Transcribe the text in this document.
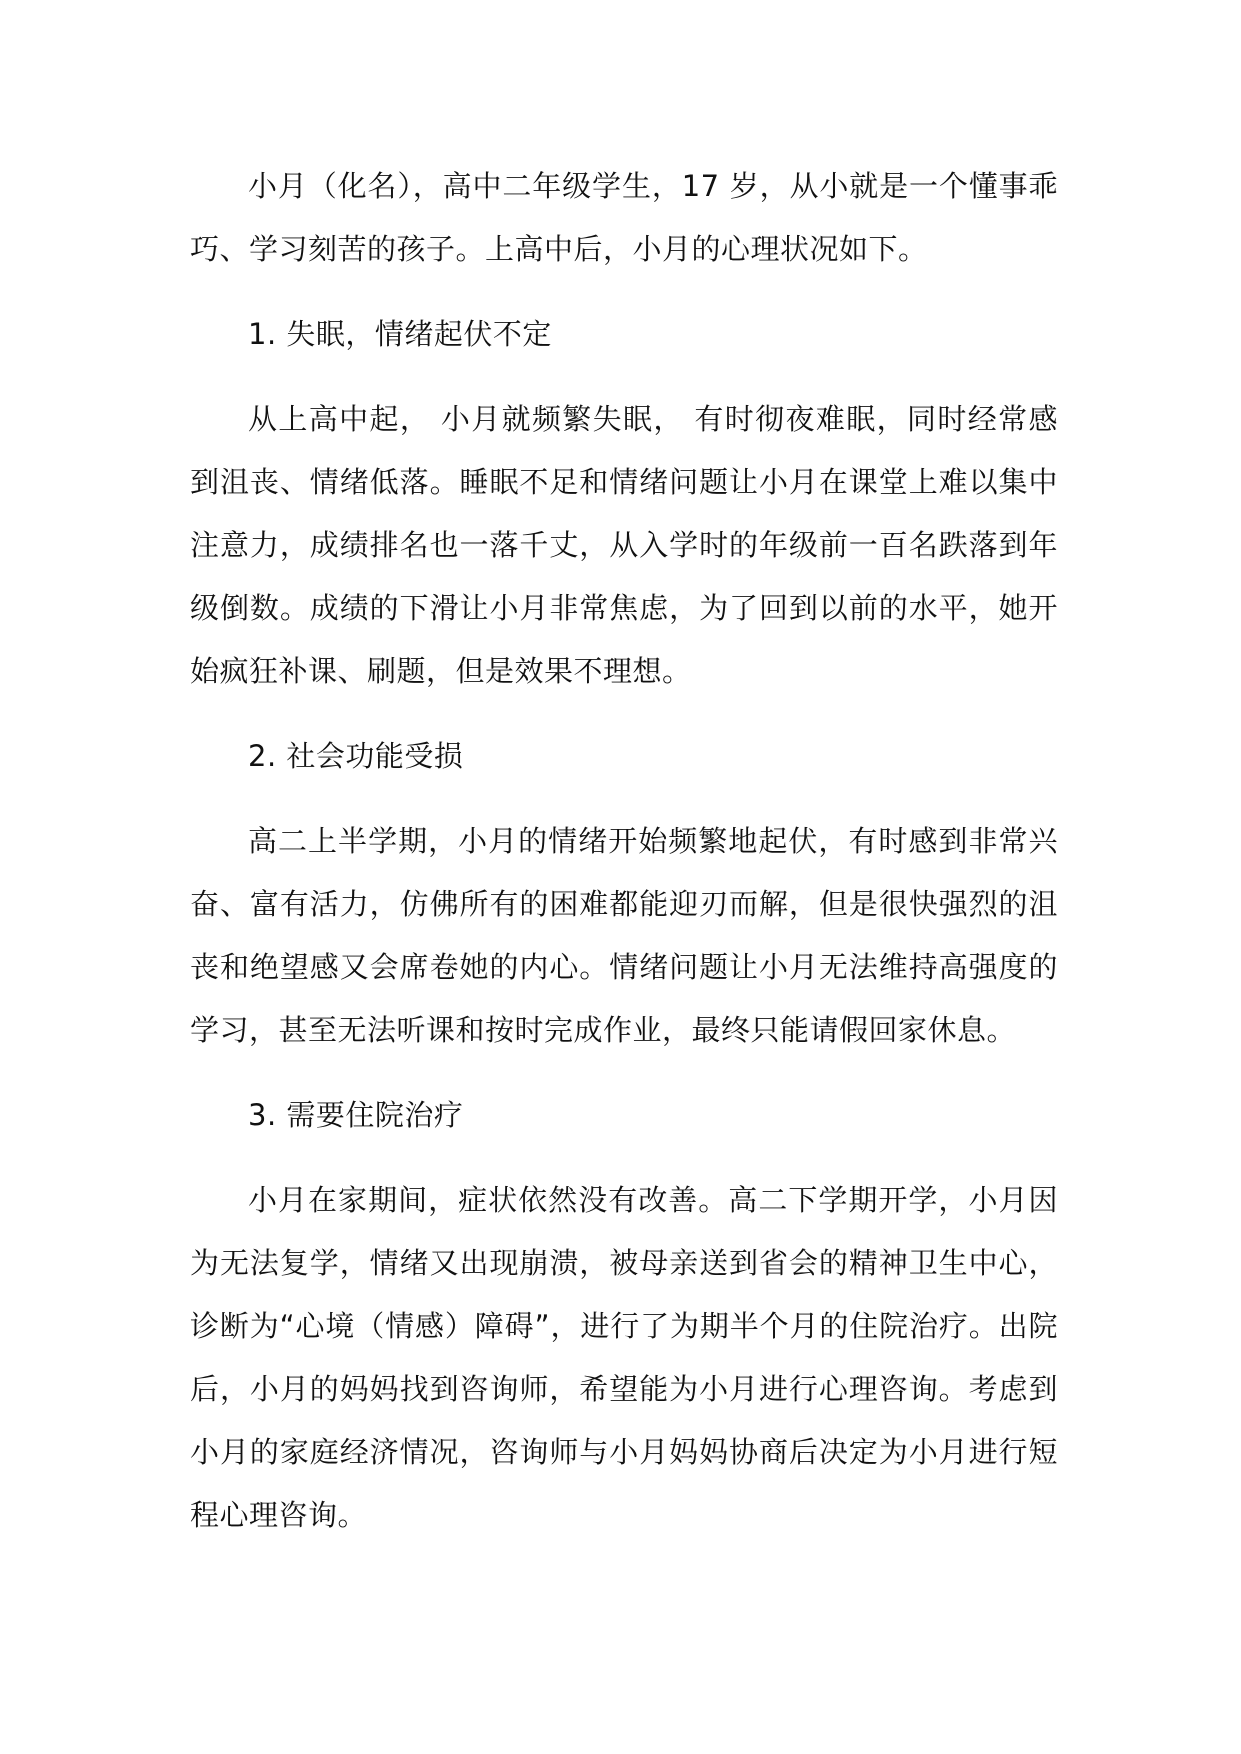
小月（化名），高中二年级学生，17 岁，从小就是一个懂事乖巧、学习刻苦的孩子。上高中后，小月的心理状况如下。

1. 失眠，情绪起伏不定

从上高中起， 小月就频繁失眠， 有时彻夜难眠，同时经常感到沮丧、情绪低落。睡眠不足和情绪问题让小月在课堂上难以集中注意力，成绩排名也一落千丈，从入学时的年级前一百名跌落到年级倒数。成绩的下滑让小月非常焦虑，为了回到以前的水平，她开始疯狂补课、刷题，但是效果不理想。

2. 社会功能受损

高二上半学期，小月的情绪开始频繁地起伏，有时感到非常兴奋、富有活力，仿佛所有的困难都能迎刃而解，但是很快强烈的沮丧和绝望感又会席卷她的内心。情绪问题让小月无法维持高强度的学习，甚至无法听课和按时完成作业，最终只能请假回家休息。

3. 需要住院治疗

小月在家期间，症状依然没有改善。高二下学期开学，小月因为无法复学，情绪又出现崩溃，被母亲送到省会的精神卫生中心，诊断为“心境（情感）障碍”，进行了为期半个月的住院治疗。出院后，小月的妈妈找到咨询师，希望能为小月进行心理咨询。考虑到小月的家庭经济情况，咨询师与小月妈妈协商后决定为小月进行短程心理咨询。
